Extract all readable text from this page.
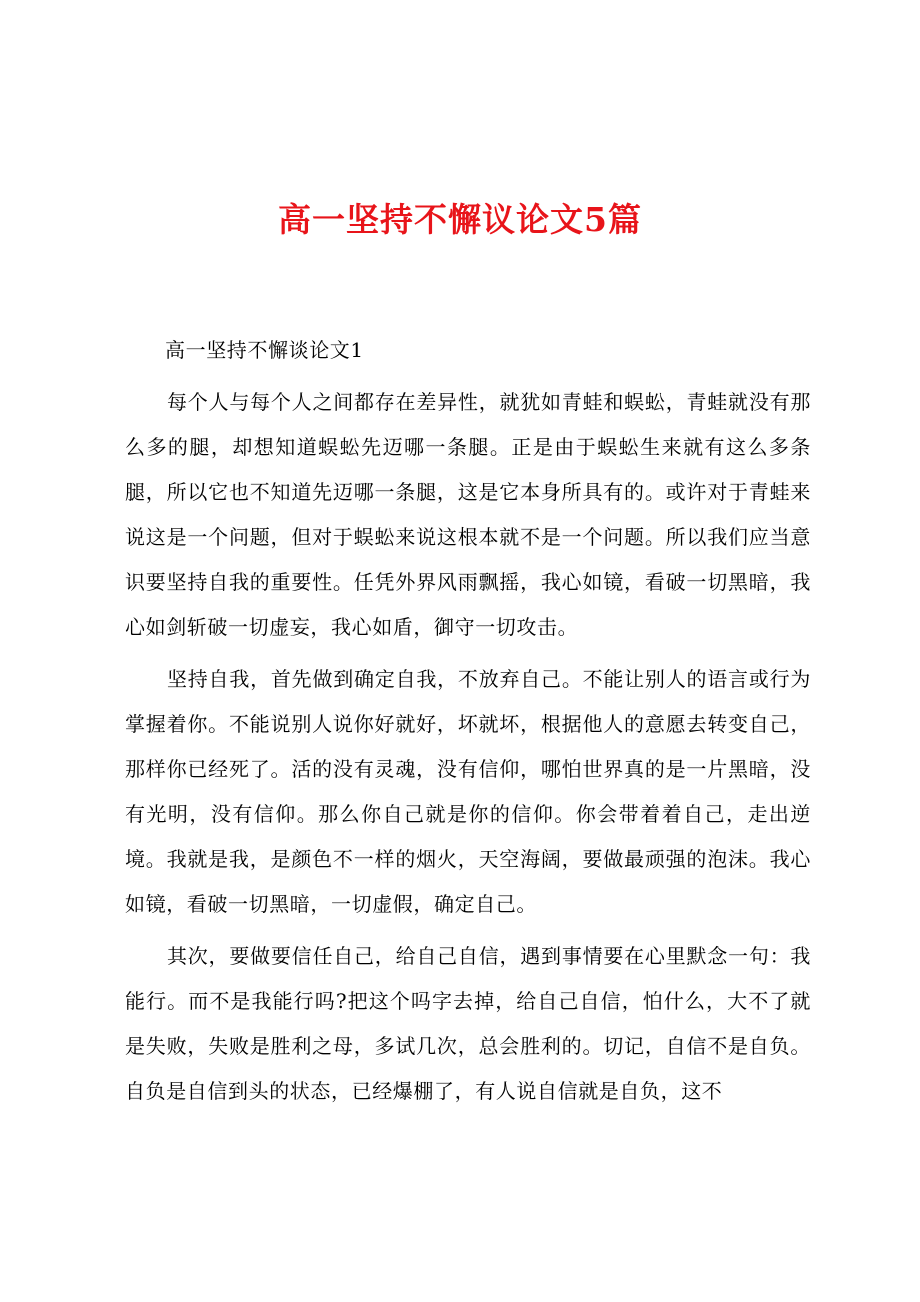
高一坚持不懈议论文5篇
高一坚持不懈谈论文1

每个人与每个人之间都存在差异性，就犹如青蛙和蜈蚣，青蛙就没有那么多的腿，却想知道蜈蚣先迈哪一条腿。正是由于蜈蚣生来就有这么多条腿，所以它也不知道先迈哪一条腿，这是它本身所具有的。或许对于青蛙来说这是一个问题，但对于蜈蚣来说这根本就不是一个问题。所以我们应当意识要坚持自我的重要性。任凭外界风雨飘摇，我心如镜，看破一切黑暗，我心如剑斩破一切虚妄，我心如盾，御守一切攻击。

坚持自我，首先做到确定自我，不放弃自己。不能让别人的语言或行为掌握着你。不能说别人说你好就好，坏就坏，根据他人的意愿去转变自己，那样你已经死了。活的没有灵魂，没有信仰，哪怕世界真的是一片黑暗，没有光明，没有信仰。那么你自己就是你的信仰。你会带着着自己，走出逆境。我就是我，是颜色不一样的烟火，天空海阔，要做最顽强的泡沫。我心如镜，看破一切黑暗，一切虚假，确定自己。

其次，要做要信任自己，给自己自信，遇到事情要在心里默念一句：我能行。而不是我能行吗?把这个吗字去掉，给自己自信，怕什么，大不了就是失败，失败是胜利之母，多试几次，总会胜利的。切记，自信不是自负。自负是自信到头的状态，已经爆棚了，有人说自信就是自负，这不
